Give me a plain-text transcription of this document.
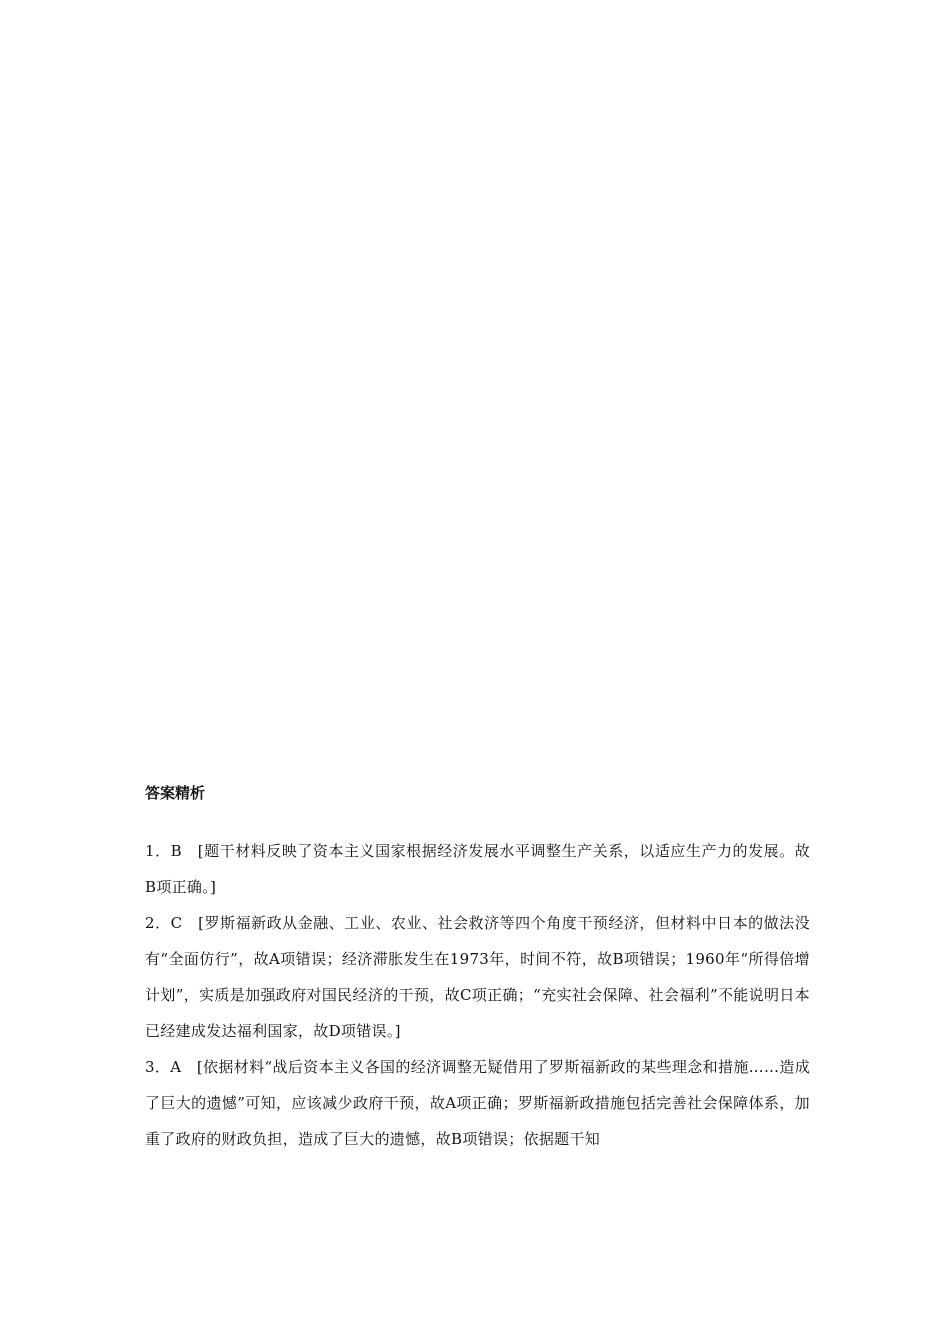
答案精析

1．B　[题干材料反映了资本主义国家根据经济发展水平调整生产关系，以适应生产力的发展。故B项正确。]

2．C　[罗斯福新政从金融、工业、农业、社会救济等四个角度干预经济，但材料中日本的做法没有“全面仿行”，故A项错误；经济滞胀发生在1973年，时间不符，故B项错误；1960年“所得倍增计划”，实质是加强政府对国民经济的干预，故C项正确；“充实社会保障、社会福利”不能说明日本已经建成发达福利国家，故D项错误。]

3．A　[依据材料“战后资本主义各国的经济调整无疑借用了罗斯福新政的某些理念和措施……造成了巨大的遗憾”可知，应该减少政府干预，故A项正确；罗斯福新政措施包括完善社会保障体系，加重了政府的财政负担，造成了巨大的遗憾，故B项错误；依据题干知
